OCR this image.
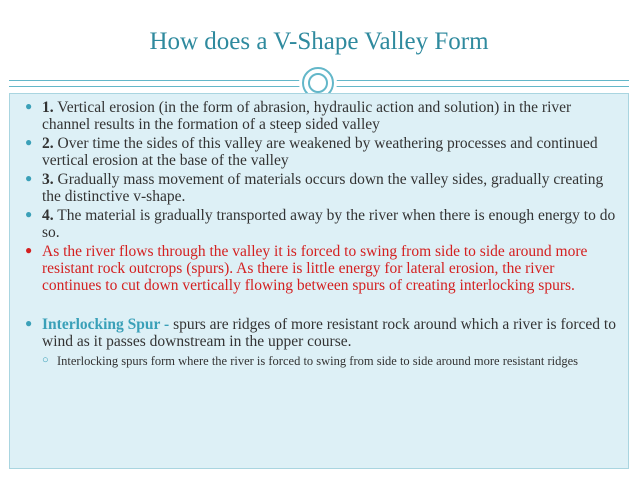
How does a V-Shape Valley Form
● 1. Vertical erosion (in the form of abrasion, hydraulic action and solution) in the river channel results in the formation of a steep sided valley
● 2. Over time the sides of this valley are weakened by weathering processes and continued vertical erosion at the base of the valley
● 3. Gradually mass movement of materials occurs down the valley sides, gradually creating the distinctive v-shape.
● 4. The material is gradually transported away by the river when there is enough energy to do so.
● As the river flows through the valley it is forced to swing from side to side around more resistant rock outcrops (spurs). As there is little energy for lateral erosion, the river continues to cut down vertically flowing between spurs of creating interlocking spurs.
● Interlocking Spur - spurs are ridges of more resistant rock around which a river is forced to wind as it passes downstream in the upper course.
○ Interlocking spurs form where the river is forced to swing from side to side around more resistant ridges
